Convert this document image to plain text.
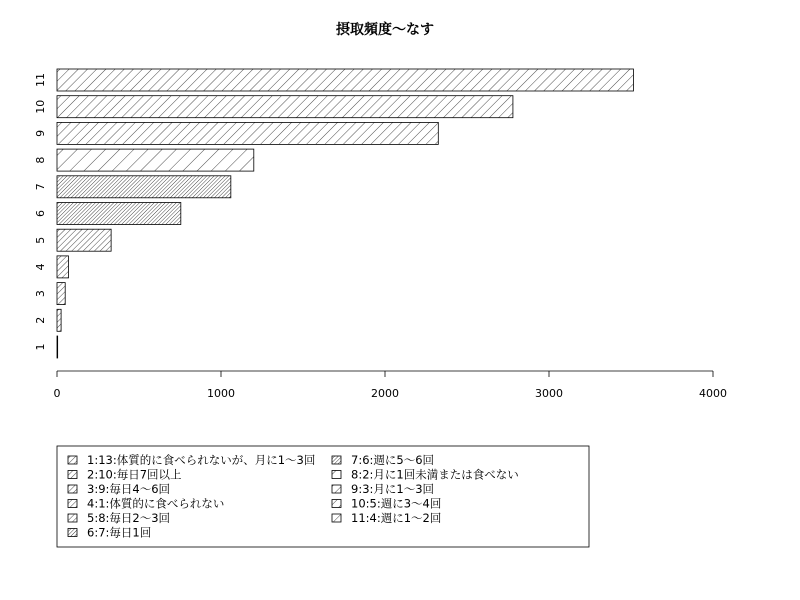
摂取頻度〜なす
1
2
3
4
5
6
7
8
9
10
11
0	1000	2000	3000	4000
1:13:体質的に食べられないが、月に1〜3回
2:10:毎日7回以上
3:9:毎日4〜6回
4:1:体質的に食べられない
5:8:毎日2〜3回
6:7:毎日1回
7:6:週に5〜6回
8:2:月に1回未満または食べない
9:3:月に1〜3回
10:5:週に3〜4回
11:4:週に1〜2回
